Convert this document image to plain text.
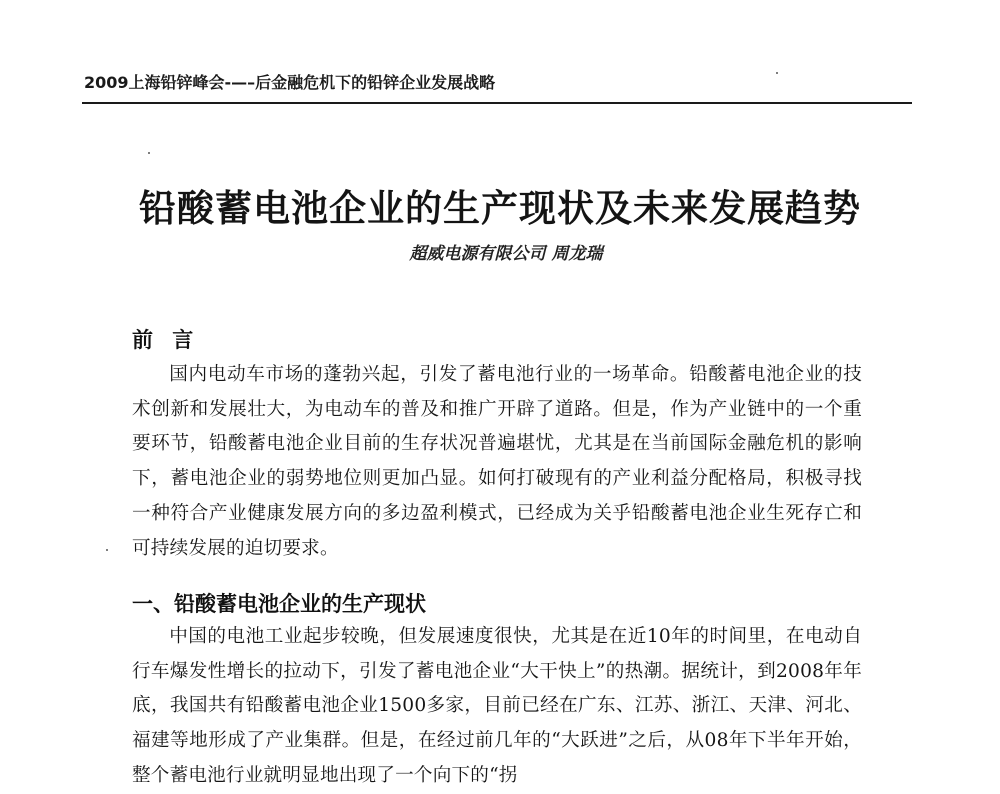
2009上海铅锌峰会-—–后金融危机下的铅锌企业发展战略
铅酸蓄电池企业的生产现状及未来发展趋势
超威电源有限公司 周龙瑞
前 言

国内电动车市场的蓬勃兴起，引发了蓄电池行业的一场革命。铅酸蓄电池企业的技术创新和发展壮大，为电动车的普及和推广开辟了道路。但是，作为产业链中的一个重要环节，铅酸蓄电池企业目前的生存状况普遍堪忧，尤其是在当前国际金融危机的影响下，蓄电池企业的弱势地位则更加凸显。如何打破现有的产业利益分配格局，积极寻找一种符合产业健康发展方向的多边盈利模式，已经成为关乎铅酸蓄电池企业生死存亡和可持续发展的迫切要求。

一、铅酸蓄电池企业的生产现状

中国的电池工业起步较晚，但发展速度很快，尤其是在近10年的时间里，在电动自行车爆发性增长的拉动下，引发了蓄电池企业“大干快上”的热潮。据统计，到2008年年底，我国共有铅酸蓄电池企业1500多家，目前已经在广东、江苏、浙江、天津、河北、福建等地形成了产业集群。但是，在经过前几年的“大跃进”之后，从08年下半年开始，整个蓄电池行业就明显地出现了一个向下的“拐
